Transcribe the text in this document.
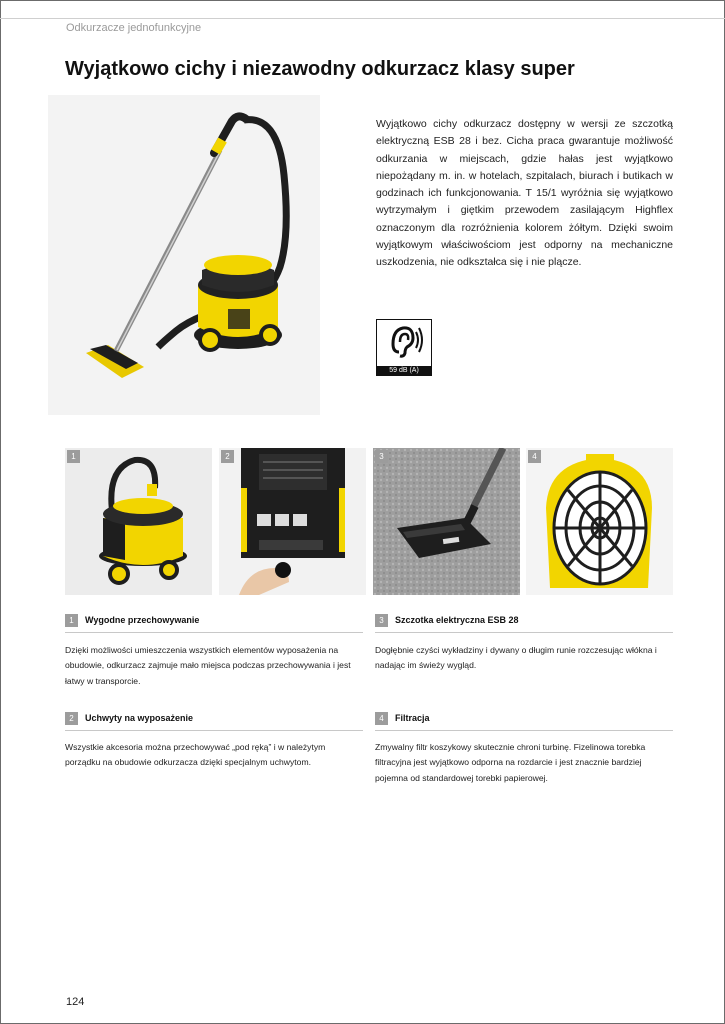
Odkurzacze jednofunkcyjne
Wyjątkowo cichy i niezawodny odkurzacz klasy super

Wyjątkowo cichy odkurzacz dostępny w wersji ze szczotką elektryczną ESB 28 i bez. Cicha praca gwarantuje możliwość odkurzania w miejscach, gdzie hałas jest wyjątkowo niepożądany m. in. w hotelach, szpitalach, biurach i butikach w godzinach ich funkcjonowania. T 15/1 wyróżnia się wyjątkowo wytrzymałym i giętkim przewodem zasilającym Highflex oznaczonym dla rozróżnienia kolorem żółtym. Dzięki swoim wyjątkowym właściwościom jest odporny na mechaniczne uszkodzenia, nie odkształca się i nie plącze.

59 dB (A)
1	2	3	4
1	Wygodne przechowywanie

Dzięki możliwości umieszczenia wszystkich elementów wyposażenia na obudowie, odkurzacz zajmuje mało miejsca podczas przechowywania i jest łatwy w transporcie.

2	Uchwyty na wyposażenie

Wszystkie akcesoria można przechowywać „pod ręką” i w należytym porządku na obudowie odkurzacza dzięki specjalnym uchwytom.

3	Szczotka elektryczna ESB 28

Dogłębnie czyści wykładziny i dywany o długim runie rozczesując włókna i nadając im świeży wygląd.

4	Filtracja

Zmywalny filtr koszykowy skutecznie chroni turbinę. Fizelinowa torebka filtracyjna jest wyjątkowo odporna na rozdarcie i jest znacznie bardziej pojemna od standardowej torebki papierowej.

124
